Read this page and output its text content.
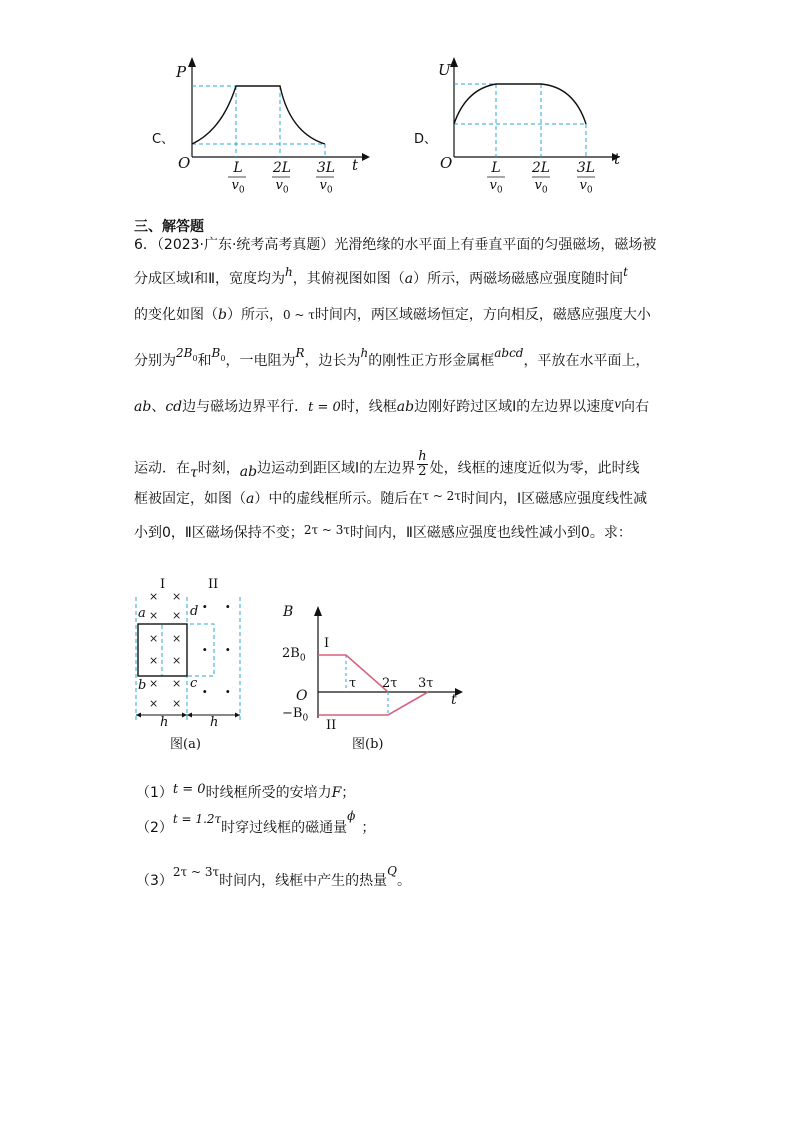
C、
P
t
O	L
$v_0$
2L
$v_0$
3L
$v_0$
D、
U
t
O	L
$v_0$
2L
$v_0$
3L
$v_0$
三、解答题
6．（2023·广东·统考高考真题）光滑绝缘的水平面上有垂直平面的匀强磁场，磁场被
分成区域Ⅰ和Ⅱ，宽度均为h，其俯视图如图（a）所示，两磁场磁感应强度随时间t
的变化如图（b）所示，0 ~ τ时间内，两区域磁场恒定，方向相反，磁感应强度大小
分别为$2B_0$和$B_0$，一电阻为R，边长为h的刚性正方形金属框abcd，平放在水平面上，
ab、cd边与磁场边界平行．t = 0时，线框ab边刚好跨过区域Ⅰ的左边界以速度v向右
运动．在τ时刻，ab边运动到距区域Ⅰ的左边界 $\frac{h}{2}$ 处，线框的速度近似为零，此时线
框被固定，如图（a）中的虚线框所示。随后在τ ~ 2τ时间内，Ⅰ区磁感应强度线性减
小到0，Ⅱ区磁场保持不变；2τ ~ 3τ时间内，Ⅱ区磁感应强度也线性减小到0。求：
I	II
× ×
× ×
× ×
× ×
× ×
× ×
· ·
· ·
· ·
a	d
b	c
h	h
图(a)
B
t
O
$2B_0$
$-B_0$
I
II
τ 2τ 3τ
图(b)
（1）t = 0时线框所受的安培力F；
（2）t = 1.2τ时穿过线框的磁通量ϕ；
（3）2τ ~ 3τ时间内，线框中产生的热量Q。
